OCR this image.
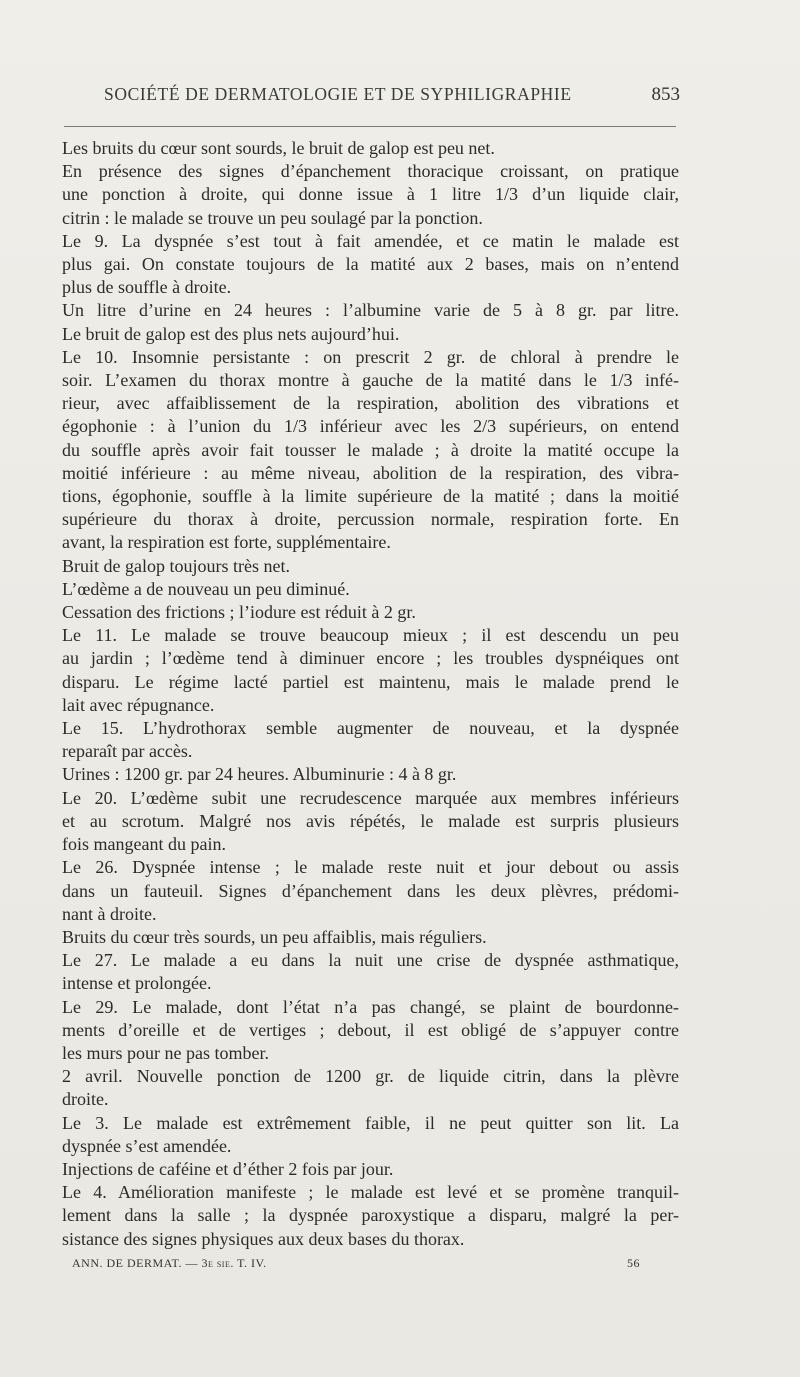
SOCIÉTÉ DE DERMATOLOGIE ET DE SYPHILIGRAPHIE	853
Les bruits du cœur sont sourds, le bruit de galop est peu net.
En présence des signes d’épanchement thoracique croissant, on pratique
une ponction à droite, qui donne issue à 1 litre 1/3 d’un liquide clair,
citrin : le malade se trouve un peu soulagé par la ponction.
Le 9. La dyspnée s’est tout à fait amendée, et ce matin le malade est
plus gai. On constate toujours de la matité aux 2 bases, mais on n’entend
plus de souffle à droite.
Un litre d’urine en 24 heures : l’albumine varie de 5 à 8 gr. par litre.
Le bruit de galop est des plus nets aujourd’hui.
Le 10. Insomnie persistante : on prescrit 2 gr. de chloral à prendre le
soir. L’examen du thorax montre à gauche de la matité dans le 1/3 infé-
rieur, avec affaiblissement de la respiration, abolition des vibrations et
égophonie : à l’union du 1/3 inférieur avec les 2/3 supérieurs, on entend
du souffle après avoir fait tousser le malade ; à droite la matité occupe la
moitié inférieure : au même niveau, abolition de la respiration, des vibra-
tions, égophonie, souffle à la limite supérieure de la matité ; dans la moitié
supérieure du thorax à droite, percussion normale, respiration forte. En
avant, la respiration est forte, supplémentaire.
Bruit de galop toujours très net.
L’œdème a de nouveau un peu diminué.
Cessation des frictions ; l’iodure est réduit à 2 gr.
Le 11. Le malade se trouve beaucoup mieux ; il est descendu un peu
au jardin ; l’œdème tend à diminuer encore ; les troubles dyspnéiques ont
disparu. Le régime lacté partiel est maintenu, mais le malade prend le
lait avec répugnance.
Le 15. L’hydrothorax semble augmenter de nouveau, et la dyspnée
reparaît par accès.
Urines : 1200 gr. par 24 heures. Albuminurie : 4 à 8 gr.
Le 20. L’œdème subit une recrudescence marquée aux membres inférieurs
et au scrotum. Malgré nos avis répétés, le malade est surpris plusieurs
fois mangeant du pain.
Le 26. Dyspnée intense ; le malade reste nuit et jour debout ou assis
dans un fauteuil. Signes d’épanchement dans les deux plèvres, prédomi-
nant à droite.
Bruits du cœur très sourds, un peu affaiblis, mais réguliers.
Le 27. Le malade a eu dans la nuit une crise de dyspnée asthmatique,
intense et prolongée.
Le 29. Le malade, dont l’état n’a pas changé, se plaint de bourdonne-
ments d’oreille et de vertiges ; debout, il est obligé de s’appuyer contre
les murs pour ne pas tomber.
2 avril. Nouvelle ponction de 1200 gr. de liquide citrin, dans la plèvre
droite.
Le 3. Le malade est extrêmement faible, il ne peut quitter son lit. La
dyspnée s’est amendée.
Injections de caféine et d’éther 2 fois par jour.
Le 4. Amélioration manifeste ; le malade est levé et se promène tranquil-
lement dans la salle ; la dyspnée paroxystique a disparu, malgré la per-
sistance des signes physiques aux deux bases du thorax.
ANN. DE DERMAT. — 3e sie. T. IV.	56
